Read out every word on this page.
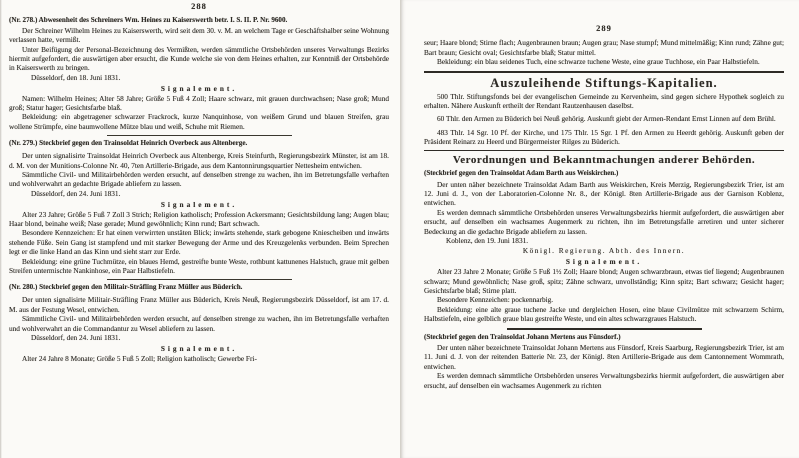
288

(Nr. 278.) Abwesenheit des Schreiners Wm. Heines zu Kaiserswerth betr. I. S. II. P. Nr. 9600.

Der Schreiner Wilhelm Heines zu Kaiserswerth, wird seit dem 30. v. M. an welchem Tage er Geschäftshalber seine Wohnung verlassen hatte, vermißt.

Unter Beifügung der Personal-Bezeichnung des Vermißten, werden sämmtliche Ortsbehörden unseres Verwaltungs Bezirks hiermit aufgefordert, die auswärtigen aber ersucht, die Kunde welche sie von dem Heines erhalten, zur Kenntniß der Ortsbehörde in Kaiserswerth zu bringen.

Düsseldorf, den 18. Juni 1831.

Signalement.

Namen: Wilhelm Heines; Alter 58 Jahre; Größe 5 Fuß 4 Zoll; Haare schwarz, mit grauen durchwachsen; Nase groß; Mund groß; Statur hager; Gesichtsfarbe blaß.

Bekleidung: ein abgetragener schwarzer Frackrock, kurze Nanquinhose, von weißem Grund und blauen Streifen, grau wollene Strümpfe, eine baumwollene Mütze blau und weiß, Schuhe mit Riemen.

(Nr. 279.) Steckbrief gegen den Trainsoldat Heinrich Overbeck aus Altenberge.

Der unten signalisirte Trainsoldat Heinrich Overbeck aus Altenberge, Kreis Steinfurth, Regierungsbezirk Münster, ist am 18. d. M. von der Munitions-Colonne Nr. 40, 7ten Artillerie-Brigade, aus dem Kantonnirungsquartier Nettesheim entwichen.

Sämmtliche Civil- und Militairbehörden werden ersucht, auf denselben strenge zu wachen, ihn im Betretungsfalle verhaften und wohlverwahrt an gedachte Brigade abliefern zu lassen.

Düsseldorf, den 24. Juni 1831.

Signalement.

Alter 23 Jahre; Größe 5 Fuß 7 Zoll 3 Strich; Religion katholisch; Profession Ackersmann; Gesichtsbildung lang; Augen blau; Haar blond, beinahe weiß; Nase gerade; Mund gewöhnlich; Kinn rund; Bart schwach.

Besondere Kennzeichen: Er hat einen verwirrten unstäten Blick; inwärts stehende, stark gebogene Kniescheiben und inwärts stehende Füße. Sein Gang ist stampfend und mit starker Bewegung der Arme und des Kreuzgelenks verbunden. Beim Sprechen legt er die linke Hand an das Kinn und sieht starr zur Erde.

Bekleidung: eine grüne Tuchmütze, ein blaues Hemd, gestreifte bunte Weste, rothbunt kattunenes Halstuch, graue mit gelben Streifen untermischte Nankinhose, ein Paar Halbstiefeln.

(Nr. 280.) Steckbrief gegen den Militair-Sträfling Franz Müller aus Büderich.

Der unten signalisirte Militair-Sträfling Franz Müller aus Büderich, Kreis Neuß, Regierungsbezirk Düsseldorf, ist am 17. d. M. aus der Festung Wesel, entwichen.

Sämmtliche Civil- und Militairbehörden werden ersucht, auf denselben strenge zu wachen, ihn im Betretungsfalle verhaften und wohlverwahrt an die Commandantur zu Wesel abliefern zu lassen.

Düsseldorf, den 24. Juni 1831.

Signalement.

Alter 24 Jahre 8 Monate; Größe 5 Fuß 5 Zoll; Religion katholisch; Gewerbe Fri-

289

seur; Haare blond; Stirne flach; Augenbraunen braun; Augen grau; Nase stumpf; Mund mittelmäßig; Kinn rund; Zähne gut; Bart braun; Gesicht oval; Gesichtsfarbe blaß; Statur mittel.

Bekleidung: ein blau seidenes Tuch, eine schwarze tuchene Weste, eine graue Tuchhose, ein Paar Halbstiefeln.

Auszuleihende Stiftungs-Kapitalien.

500 Thlr. Stiftungsfonds bei der evangelischen Gemeinde zu Kervenheim, sind gegen sichere Hypothek sogleich zu erhalten. Nähere Auskunft ertheilt der Rendant Rautzenhausen daselbst.

60 Thlr. den Armen zu Büderich bei Neuß gehörig. Auskunft giebt der Armen-Rendant Ernst Linnen auf dem Brühl.

483 Thlr. 14 Sgr. 10 Pf. der Kirche, und 175 Thlr. 15 Sgr. 1 Pf. den Armen zu Heerdt gehörig. Auskunft geben der Präsident Reinarz zu Heerd und Bürgermeister Rilges zu Büderich.

Verordnungen und Bekanntmachungen anderer Behörden.

(Steckbrief gegen den Trainsoldat Adam Barth aus Weiskirchen.)

Der unten näher bezeichnete Trainsoldat Adam Barth aus Weiskirchen, Kreis Merzig, Regierungsbezirk Trier, ist am 12. Juni d. J., von der Laboratorien-Colonne Nr. 8., der Königl. 8ten Artillerie-Brigade aus der Garnison Koblenz, entwichen.

Es werden demnach sämmtliche Ortsbehörden unseres Verwaltungsbezirks hiermit aufgefordert, die auswärtigen aber ersucht, auf denselben ein wachsames Augenmerk zu richten, ihn im Betretungsfalle arretiren und unter sicherer Bedeckung an die gedachte Brigade abliefern zu lassen.

Koblenz, den 19. Juni 1831.

Königl. Regierung. Abth. des Innern.

Signalement.

Alter 23 Jahre 2 Monate; Größe 5 Fuß 1½ Zoll; Haare blond; Augen schwarzbraun, etwas tief liegend; Augenbraunen schwarz; Mund gewöhnlich; Nase groß, spitz; Zähne schwarz, unvollständig; Kinn spitz; Bart schwarz; Gesicht hager; Gesichtsfarbe blaß; Stirne platt.

Besondere Kennzeichen: pockennarbig.

Bekleidung: eine alte graue tuchene Jacke und dergleichen Hosen, eine blaue Civilmütze mit schwarzem Schirm, Halbstiefeln, eine gelblich graue blau gestreifte Weste, und ein altes schwarzgraues Halstuch.

(Steckbrief gegen den Trainsoldat Johann Mertens aus Fünsdorf.)

Der unten näher bezeichnete Trainsoldat Johann Mertens aus Fünsdorf, Kreis Saarburg, Regierungsbezirk Trier, ist am 11. Juni d. J. von der reitenden Batterie Nr. 23, der Königl. 8ten Artillerie-Brigade aus dem Cantonnement Wommrath, entwichen.

Es werden demnach sämmtliche Ortsbehörden unseres Verwaltungsbezirks hiermit aufgefordert, die auswärtigen aber ersucht, auf denselben ein wachsames Augenmerk zu richten
